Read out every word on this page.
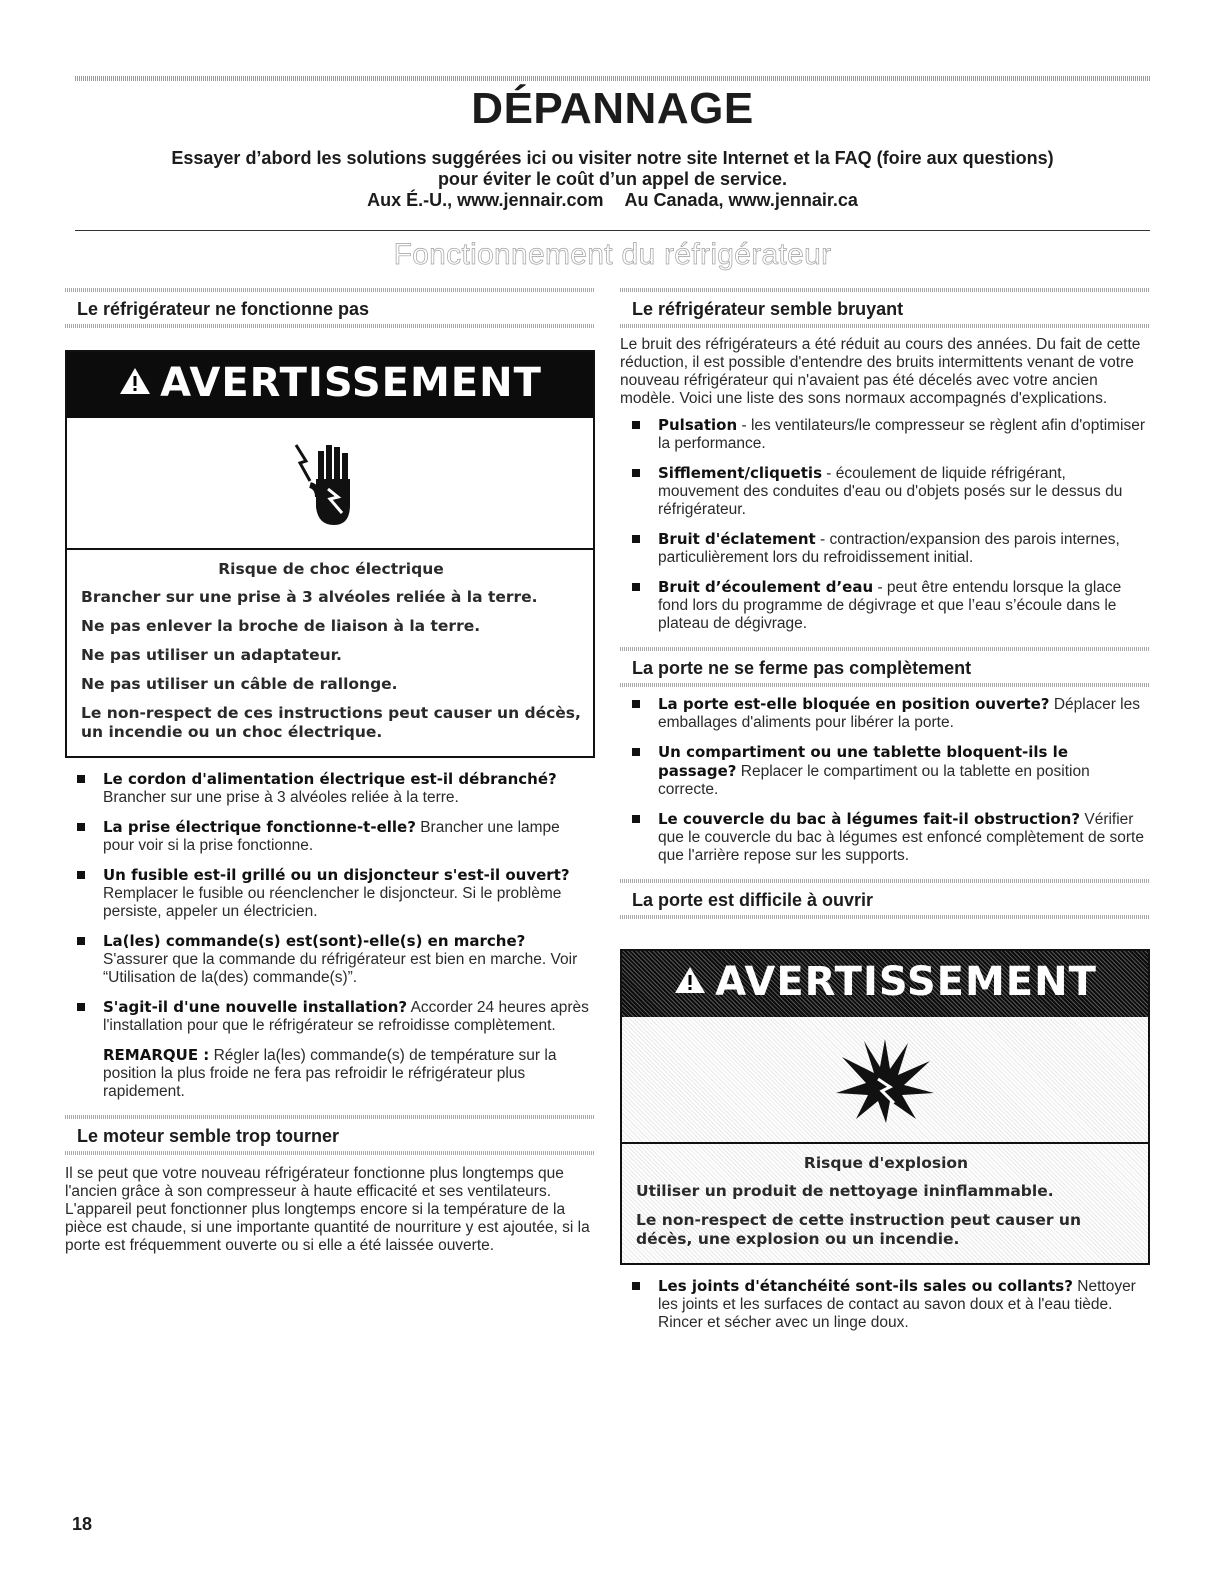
DÉPANNAGE
Essayer d’abord les solutions suggérées ici ou visiter notre site Internet et la FAQ (foire aux questions)
pour éviter le coût d’un appel de service.
Aux É.-U., www.jennair.com Au Canada, www.jennair.ca
Fonctionnement du réfrigérateur
Le réfrigérateur ne fonctionne pas
AVERTISSEMENT
Risque de choc électrique

Brancher sur une prise à 3 alvéoles reliée à la terre.

Ne pas enlever la broche de liaison à la terre.

Ne pas utiliser un adaptateur.

Ne pas utiliser un câble de rallonge.

Le non-respect de ces instructions peut causer un décès, un incendie ou un choc électrique.

Le cordon d'alimentation électrique est-il débranché?
Brancher sur une prise à 3 alvéoles reliée à la terre.
La prise électrique fonctionne-t-elle? Brancher une lampe pour voir si la prise fonctionne.
Un fusible est-il grillé ou un disjoncteur s'est-il ouvert?
Remplacer le fusible ou réenclencher le disjoncteur. Si le problème persiste, appeler un électricien.
La(les) commande(s) est(sont)-elle(s) en marche?
S'assurer que la commande du réfrigérateur est bien en marche. Voir “Utilisation de la(des) commande(s)”.
S'agit-il d'une nouvelle installation? Accorder 24 heures après l'installation pour que le réfrigérateur se refroidisse complètement.
REMARQUE : Régler la(les) commande(s) de température sur la position la plus froide ne fera pas refroidir le réfrigérateur plus rapidement.
Le moteur semble trop tourner

Il se peut que votre nouveau réfrigérateur fonctionne plus longtemps que l'ancien grâce à son compresseur à haute efficacité et ses ventilateurs. L'appareil peut fonctionner plus longtemps encore si la température de la pièce est chaude, si une importante quantité de nourriture y est ajoutée, si la porte est fréquemment ouverte ou si elle a été laissée ouverte.

Le réfrigérateur semble bruyant

Le bruit des réfrigérateurs a été réduit au cours des années. Du fait de cette réduction, il est possible d'entendre des bruits intermittents venant de votre nouveau réfrigérateur qui n'avaient pas été décelés avec votre ancien modèle. Voici une liste des sons normaux accompagnés d'explications.

Pulsation - les ventilateurs/le compresseur se règlent afin d'optimiser la performance.
Sifflement/cliquetis - écoulement de liquide réfrigérant, mouvement des conduites d'eau ou d'objets posés sur le dessus du réfrigérateur.
Bruit d'éclatement - contraction/expansion des parois internes, particulièrement lors du refroidissement initial.
Bruit d’écoulement d’eau - peut être entendu lorsque la glace fond lors du programme de dégivrage et que l’eau s’écoule dans le plateau de dégivrage.
La porte ne se ferme pas complètement
La porte est-elle bloquée en position ouverte? Déplacer les emballages d'aliments pour libérer la porte.
Un compartiment ou une tablette bloquent-ils le passage? Replacer le compartiment ou la tablette en position correcte.
Le couvercle du bac à légumes fait-il obstruction? Vérifier que le couvercle du bac à légumes est enfoncé complètement de sorte que l'arrière repose sur les supports.
La porte est difficile à ouvrir
AVERTISSEMENT
Risque d'explosion

Utiliser un produit de nettoyage ininflammable.

Le non-respect de cette instruction peut causer un décès, une explosion ou un incendie.

Les joints d'étanchéité sont-ils sales ou collants? Nettoyer les joints et les surfaces de contact au savon doux et à l'eau tiède. Rincer et sécher avec un linge doux.
18
